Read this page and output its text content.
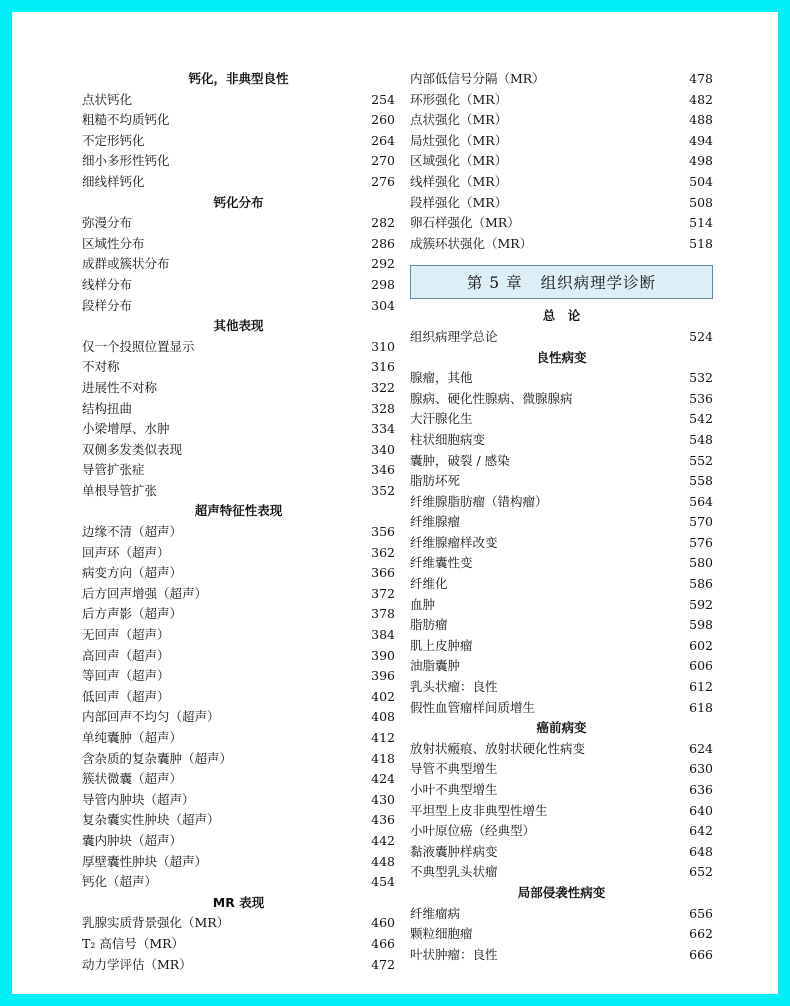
钙化，非典型良性
点状钙化	254
粗糙不均质钙化	260
不定形钙化	264
细小多形性钙化	270
细线样钙化	276
钙化分布
弥漫分布	282
区域性分布	286
成群或簇状分布	292
线样分布	298
段样分布	304
其他表现
仅一个投照位置显示	310
不对称	316
进展性不对称	322
结构扭曲	328
小梁增厚、水肿	334
双侧多发类似表现	340
导管扩张症	346
单根导管扩张	352
超声特征性表现
边缘不清（超声）	356
回声环（超声）	362
病变方向（超声）	366
后方回声增强（超声）	372
后方声影（超声）	378
无回声（超声）	384
高回声（超声）	390
等回声（超声）	396
低回声（超声）	402
内部回声不均匀（超声）	408
单纯囊肿（超声）	412
含杂质的复杂囊肿（超声）	418
簇状微囊（超声）	424
导管内肿块（超声）	430
复杂囊实性肿块（超声）	436
囊内肿块（超声）	442
厚壁囊性肿块（超声）	448
钙化（超声）	454
MR 表现
乳腺实质背景强化（MR）	460
T₂ 高信号（MR）	466
动力学评估（MR）	472
内部低信号分隔（MR）	478
环形强化（MR）	482
点状强化（MR）	488
局灶强化（MR）	494
区域强化（MR）	498
线样强化（MR）	504
段样强化（MR）	508
卵石样强化（MR）	514
成簇环状强化（MR）	518
第 5 章 组织病理学诊断
总　论
组织病理学总论	524
良性病变
腺瘤，其他	532
腺病、硬化性腺病、微腺腺病	536
大汗腺化生	542
柱状细胞病变	548
囊肿，破裂 / 感染	552
脂肪坏死	558
纤维腺脂肪瘤（错构瘤）	564
纤维腺瘤	570
纤维腺瘤样改变	576
纤维囊性变	580
纤维化	586
血肿	592
脂肪瘤	598
肌上皮肿瘤	602
油脂囊肿	606
乳头状瘤：良性	612
假性血管瘤样间质增生	618
癌前病变
放射状瘢痕、放射状硬化性病变	624
导管不典型增生	630
小叶不典型增生	636
平坦型上皮非典型性增生	640
小叶原位癌（经典型）	642
黏液囊肿样病变	648
不典型乳头状瘤	652
局部侵袭性病变
纤维瘤病	656
颗粒细胞瘤	662
叶状肿瘤：良性	666
